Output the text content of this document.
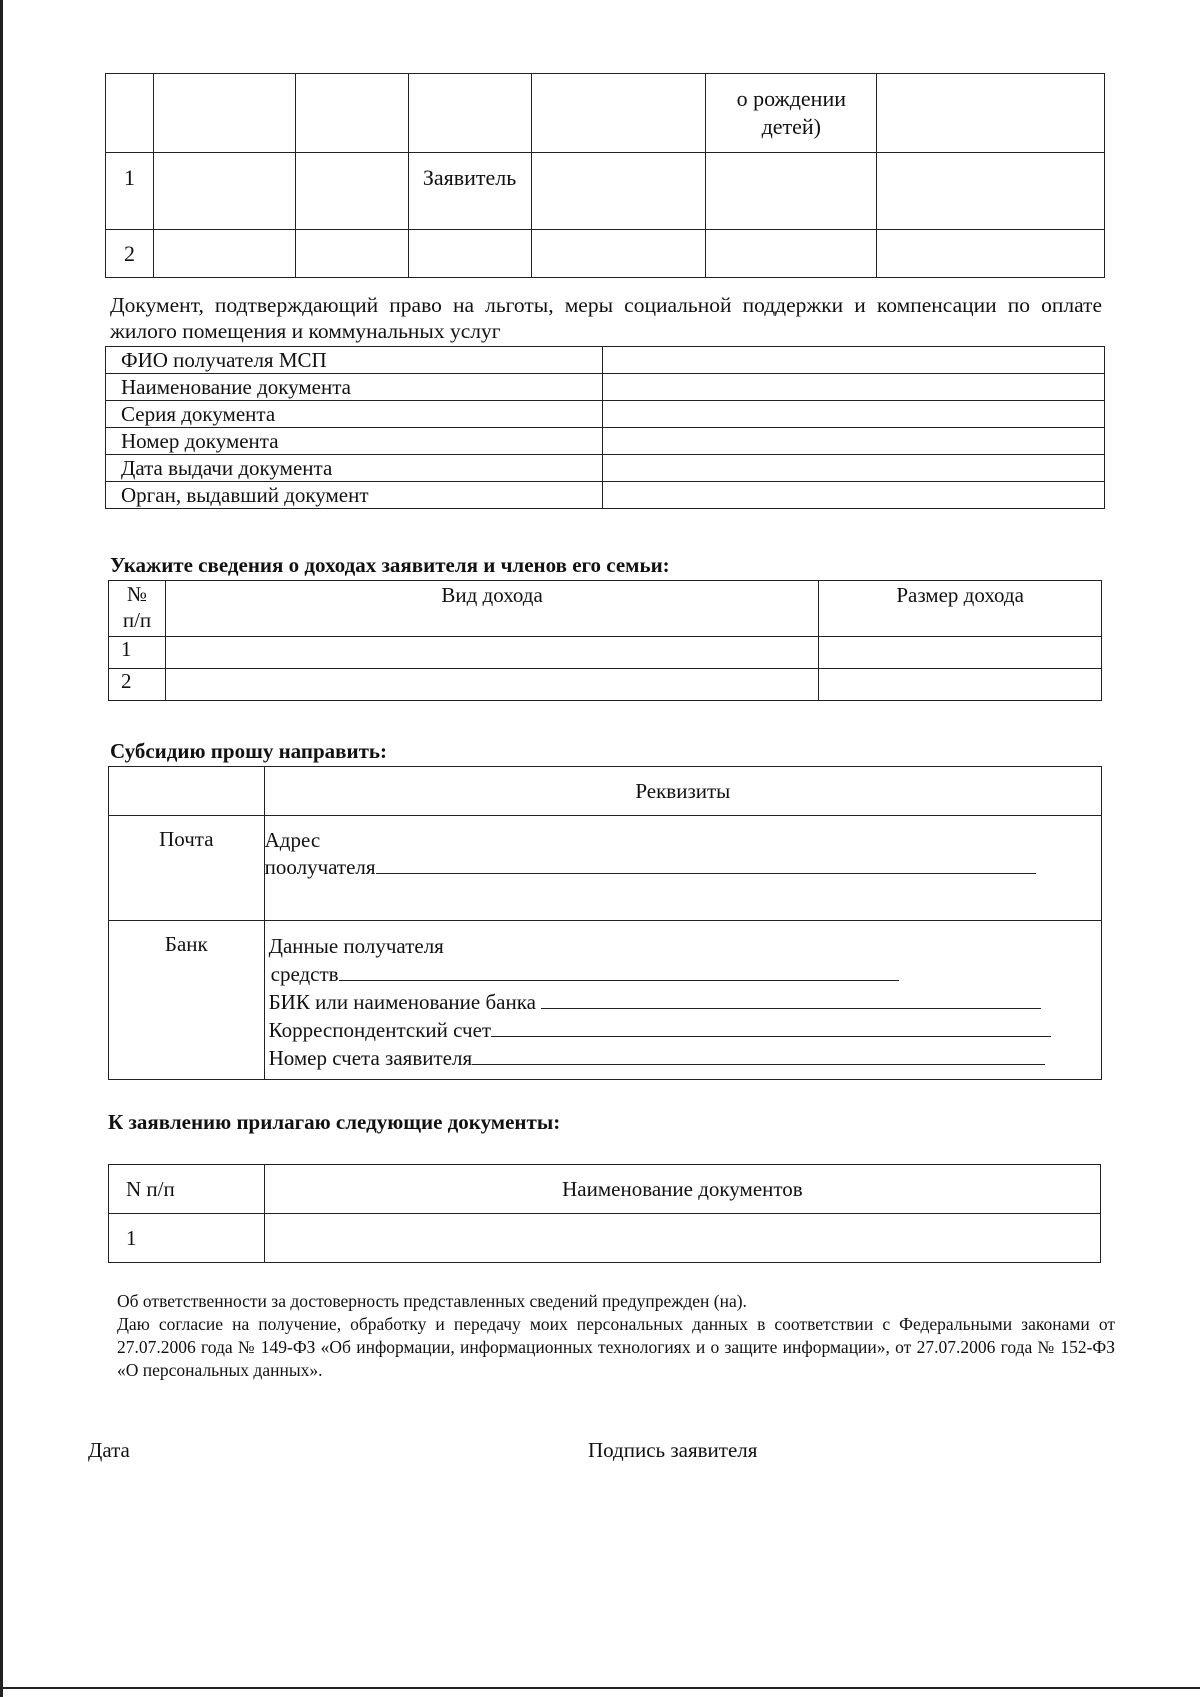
					о рождении детей)	
1			Заявитель			
2						
Документ, подтверждающий право на льготы, меры социальной поддержки и компенсации по оплате жилого помещения и коммунальных услуг
ФИО получателя МСП	
Наименование документа	
Серия документа	
Номер документа	
Дата выдачи документа	
Орган, выдавший документ	
Укажите сведения о доходах заявителя и членов его семьи:
№ п/п	Вид дохода	Размер дохода
1		
2		
Субсидию прошу направить:
	Реквизиты
Почта	Адрес
поолучателя

Банк	Данные получателя
средств
БИК или наименование банка
Корреспондентский счет
Номер счета заявителя
К заявлению прилагаю следующие документы:
N п/п	Наименование документов
1	
Об ответственности за достоверность представленных сведений предупрежден (на).
Даю согласие на получение, обработку и передачу моих персональных данных в соответствии с Федеральными законами от 27.07.2006 года № 149-ФЗ «Об информации, информационных технологиях и о защите информации», от 27.07.2006 года № 152-ФЗ «О персональных данных».
Дата	Подпись заявителя
